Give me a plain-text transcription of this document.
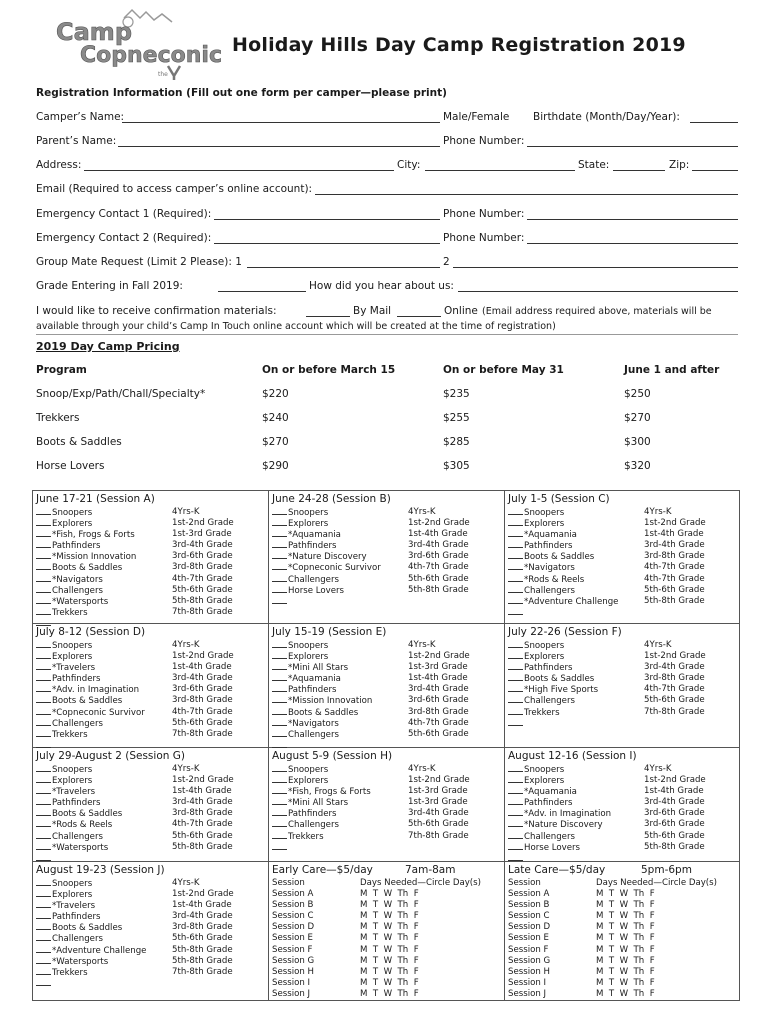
Camp
Copneconic
the
Holiday Hills Day Camp Registration 2019
Registration Information (Fill out one form per camper—please print)
Camper’s Name:	Male/Female Birthdate (Month/Day/Year):
Parent’s Name:	Phone Number:
Address:	City:	State:	Zip:
Email (Required to access camper’s online account):
Emergency Contact 1 (Required):	Phone Number:
Emergency Contact 2 (Required):	Phone Number:
Group Mate Request (Limit 2 Please): 1	2
Grade Entering in Fall 2019:	How did you hear about us:
I would like to receive confirmation materials:	By Mail	Online (Email address required above, materials will be
available through your child’s Camp In Touch online account which will be created at the time of registration)
2019 Day Camp Pricing
Program	On or before March 15	On or before May 31	June 1 and after
Snoop/Exp/Path/Chall/Specialty*	$220	$235	$250
Trekkers	$240	$255	$270
Boots & Saddles	$270	$285	$300
Horse Lovers	$290	$305	$320
June 17-21 (Session A)
Snoopers	4Yrs-K
Explorers	1st-2nd Grade
*Fish, Frogs & Forts	1st-3rd Grade
Pathfinders	3rd-4th Grade
*Mission Innovation	3rd-6th Grade
Boots & Saddles	3rd-8th Grade
*Navigators	4th-7th Grade
Challengers	5th-6th Grade
*Watersports	5th-8th Grade
Trekkers	7th-8th Grade
June 24-28 (Session B)
Snoopers	4Yrs-K
Explorers	1st-2nd Grade
*Aquamania	1st-4th Grade
Pathfinders	3rd-4th Grade
*Nature Discovery	3rd-6th Grade
*Copneconic Survivor	4th-7th Grade
Challengers	5th-6th Grade
Horse Lovers	5th-8th Grade
July 1-5 (Session C)
Snoopers	4Yrs-K
Explorers	1st-2nd Grade
*Aquamania	1st-4th Grade
Pathfinders	3rd-4th Grade
Boots & Saddles	3rd-8th Grade
*Navigators	4th-7th Grade
*Rods & Reels	4th-7th Grade
Challengers	5th-6th Grade
*Adventure Challenge	5th-8th Grade
July 8-12 (Session D)
Snoopers	4Yrs-K
Explorers	1st-2nd Grade
*Travelers	1st-4th Grade
Pathfinders	3rd-4th Grade
*Adv. in Imagination	3rd-6th Grade
Boots & Saddles	3rd-8th Grade
*Copneconic Survivor	4th-7th Grade
Challengers	5th-6th Grade
Trekkers	7th-8th Grade
July 15-19 (Session E)
Snoopers	4Yrs-K
Explorers	1st-2nd Grade
*Mini All Stars	1st-3rd Grade
*Aquamania	1st-4th Grade
Pathfinders	3rd-4th Grade
*Mission Innovation	3rd-6th Grade
Boots & Saddles	3rd-8th Grade
*Navigators	4th-7th Grade
Challengers	5th-6th Grade
July 22-26 (Session F)
Snoopers	4Yrs-K
Explorers	1st-2nd Grade
Pathfinders	3rd-4th Grade
Boots & Saddles	3rd-8th Grade
*High Five Sports	4th-7th Grade
Challengers	5th-6th Grade
Trekkers	7th-8th Grade
July 29-August 2 (Session G)
Snoopers	4Yrs-K
Explorers	1st-2nd Grade
*Travelers	1st-4th Grade
Pathfinders	3rd-4th Grade
Boots & Saddles	3rd-8th Grade
*Rods & Reels	4th-7th Grade
Challengers	5th-6th Grade
*Watersports	5th-8th Grade
August 5-9 (Session H)
Snoopers	4Yrs-K
Explorers	1st-2nd Grade
*Fish, Frogs & Forts	1st-3rd Grade
*Mini All Stars	1st-3rd Grade
Pathfinders	3rd-4th Grade
Challengers	5th-6th Grade
Trekkers	7th-8th Grade
August 12-16 (Session I)
Snoopers	4Yrs-K
Explorers	1st-2nd Grade
*Aquamania	1st-4th Grade
Pathfinders	3rd-4th Grade
*Adv. in Imagination	3rd-6th Grade
*Nature Discovery	3rd-6th Grade
Challengers	5th-6th Grade
Horse Lovers	5th-8th Grade
August 19-23 (Session J)
Snoopers	4Yrs-K
Explorers	1st-2nd Grade
*Travelers	1st-4th Grade
Pathfinders	3rd-4th Grade
Boots & Saddles	3rd-8th Grade
Challengers	5th-6th Grade
*Adventure Challenge	5th-8th Grade
*Watersports	5th-8th Grade
Trekkers	7th-8th Grade
Early Care—$5/day	7am-8am
Session	Days Needed—Circle Day(s)
Session A	M  T  W  Th  F
Session B	M  T  W  Th  F
Session C	M  T  W  Th  F
Session D	M  T  W  Th  F
Session E	M  T  W  Th  F
Session F	M  T  W  Th  F
Session G	M  T  W  Th  F
Session H	M  T  W  Th  F
Session I	M  T  W  Th  F
Session J	M  T  W  Th  F
Late Care—$5/day	5pm-6pm
Session	Days Needed—Circle Day(s)
Session A	M  T  W  Th  F
Session B	M  T  W  Th  F
Session C	M  T  W  Th  F
Session D	M  T  W  Th  F
Session E	M  T  W  Th  F
Session F	M  T  W  Th  F
Session G	M  T  W  Th  F
Session H	M  T  W  Th  F
Session I	M  T  W  Th  F
Session J	M  T  W  Th  F
